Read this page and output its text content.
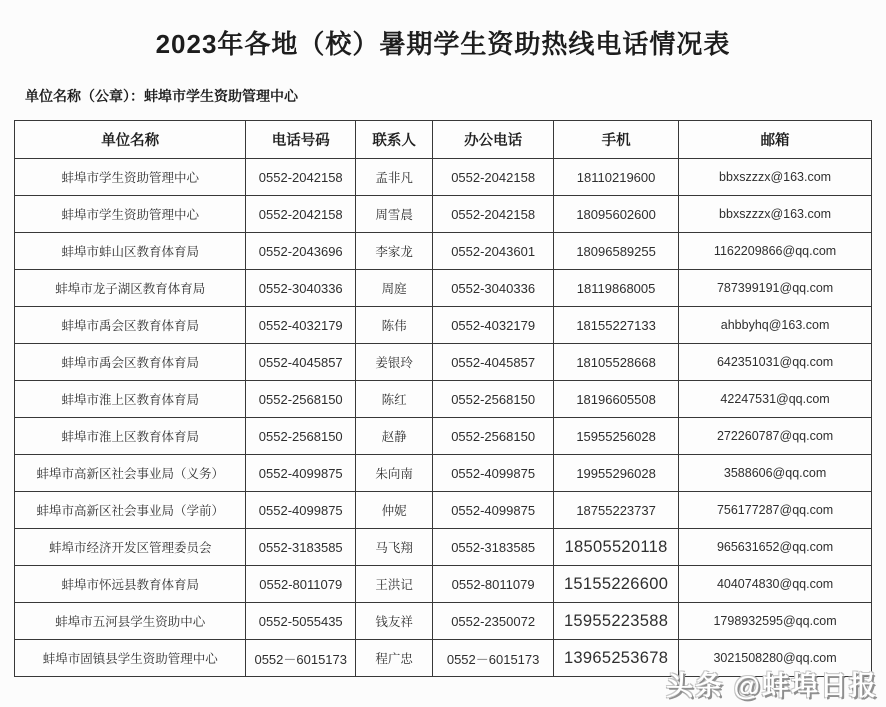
2023年各地（校）暑期学生资助热线电话情况表
单位名称（公章）：蚌埠市学生资助管理中心
单位名称	电话号码	联系人	办公电话	手机	邮箱
蚌埠市学生资助管理中心	0552-2042158	孟非凡	0552-2042158	18110219600	bbxszzzx@163.com
蚌埠市学生资助管理中心	0552-2042158	周雪晨	0552-2042158	18095602600	bbxszzzx@163.com
蚌埠市蚌山区教育体育局	0552-2043696	李家龙	0552-2043601	18096589255	1162209866@qq.com
蚌埠市龙子湖区教育体育局	0552-3040336	周庭	0552-3040336	18119868005	787399191@qq.com
蚌埠市禹会区教育体育局	0552-4032179	陈伟	0552-4032179	18155227133	ahbbyhq@163.com
蚌埠市禹会区教育体育局	0552-4045857	姜银玲	0552-4045857	18105528668	642351031@qq.com
蚌埠市淮上区教育体育局	0552-2568150	陈红	0552-2568150	18196605508	42247531@qq.com
蚌埠市淮上区教育体育局	0552-2568150	赵静	0552-2568150	15955256028	272260787@qq.com
蚌埠市高新区社会事业局（义务）	0552-4099875	朱向南	0552-4099875	19955296028	3588606@qq.com
蚌埠市高新区社会事业局（学前）	0552-4099875	仲妮	0552-4099875	18755223737	756177287@qq.com
蚌埠市经济开发区管理委员会	0552-3183585	马飞翔	0552-3183585	18505520118	965631652@qq.com
蚌埠市怀远县教育体育局	0552-8011079	王洪记	0552-8011079	15155226600	404074830@qq.com
蚌埠市五河县学生资助中心	0552-5055435	钱友祥	0552-2350072	15955223588	1798932595@qq.com
蚌埠市固镇县学生资助管理中心	0552－6015173	程广忠	0552－6015173	13965253678	3021508280@qq.com
头条 @蚌埠日报
